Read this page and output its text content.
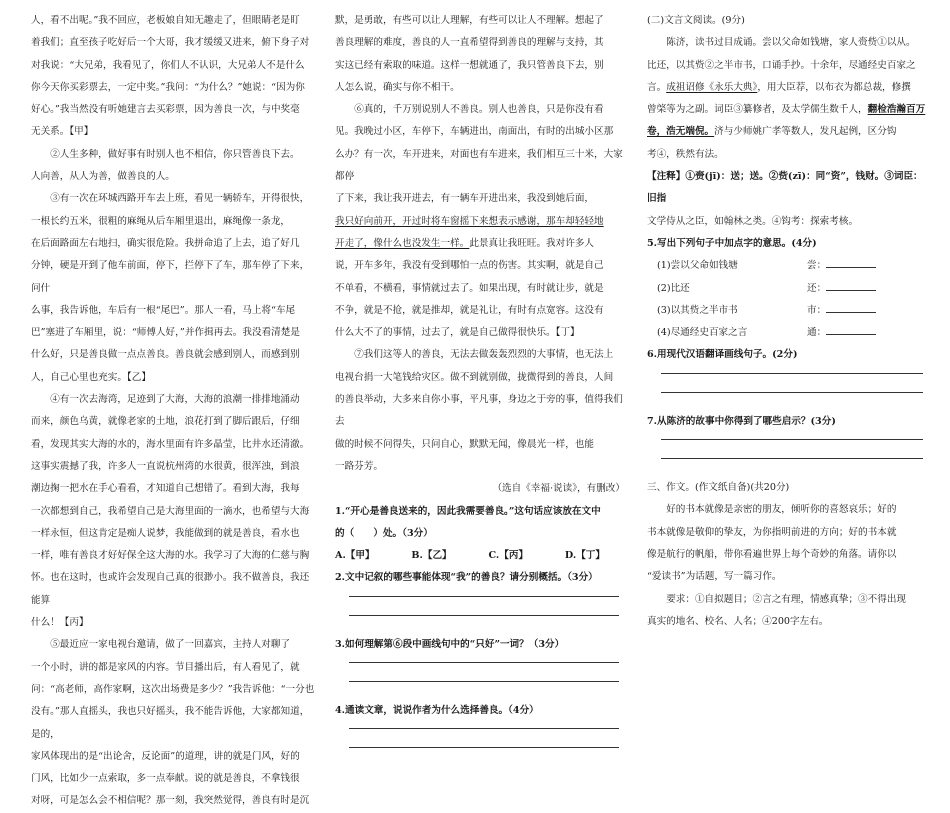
人，看不出呢。”我不回应，老板娘自知无趣走了，但眼睛老是盯

着我们；直至孩子吃好后一个大哥，我才缓缓又进来，俯下身子对

对我说：“大兄弟，我看见了，你们人不认识，大兄弟人不是什么

你今天你买彩票去，一定中奖。”我问：“为什么？”她说：“因为你

好心。”我当然没有听她建言去买彩票，因为善良一次，与中奖毫

无关系。【甲】

②人生多种，做好事有时别人也不相信，你只管善良下去。

人向善，从人为善，做善良的人。

③有一次在环城西路开车去上班，看见一辆轿车，开得很快，

一根长约五米，很粗的麻绳从后车厢里退出，麻绳像一条龙，

在后面路面左右地扫，确实很危险。我拼命追了上去，追了好几

分钟，硬是开到了他车前面，停下，拦停下了车，那车停了下来，问什

么事，我告诉他，车后有一根“尾巴”。那人一看，马上将“车尾

巴”塞进了车厢里，说：“师傅人好，”并作揖再去。我没看清楚是

什么好，只是善良做一点点善良。善良就会感到别人，而感到别

人，自己心里也充实。【乙】

④有一次去海湾，足迹到了大海，大海的浪潮一排排地涌动

而来，颜色乌黄，就像老家的土地，浪花打到了脚后跟后，仔细

看，发现其实大海的水的，海水里面有许多晶莹，比井水还清澈。

这事实震撼了我，许多人一直说杭州湾的水很黄，很浑浊，到浪

潮边掬一把水在手心看看，才知道自己想错了。看到大海，我每

一次都想到自己，我希望自己是大海里面的一滴水，也希望与大海

一样永恒，但这肯定是痴人说梦，我能做到的就是善良，看水也

一样，唯有善良才好好保全这大海的水。我学习了大海的仁慈与胸

怀。也在这时，也或许会发现自己真的很渺小。我不做善良，我还能算

什么！【丙】

⑤最近应一家电视台邀请，做了一回嘉宾，主持人对聊了

一个小时，讲的都是家风的内容。节目播出后，有人看见了，就

问：“高老师，高作家啊，这次出场费是多少？”我告诉他：“一分也

没有。”那人直摇头，我也只好摇头，我不能告诉他，大家都知道，是的，

家风体现出的是“出论舍，反论面”的道理，讲的就是门风，好的

门风，比如少一点索取，多一点奉献。说的就是善良，不拿钱很

对呀，可是怎么会不相信呢？那一刻，我突然觉得，善良有时是沉

默，是勇敢，有些可以让人理解，有些可以让人不理解。想起了

善良理解的难度，善良的人一直希望得到善良的理解与支持，其

实这已经有索取的味道。这样一想就通了，我只管善良下去，别

人怎么说，确实与你不相干。

⑥真的，千万别说别人不善良。别人也善良，只是你没有看

见。我晚过小区，车停下，车辆进出，南面出，有时的出城小区那

么办？有一次，车开进来，对面也有车进来，我们相互三十米，大家都停

了下来，我让我开进去，有一辆车开进出来，我没到她后面，

我只好向前开，开过时将车窗摇下来想表示感谢，那车却轻轻地

开走了，像什么也没发生一样。此景真让我旺旺。我对许多人

说，开车多年，我没有受到哪怕一点的伤害。其实啊，就是自己

不单看，不横看，事情就过去了。如果出现，有时就让步，就是

不争，就是不抢，就是推却，就是礼让，有时有点宽容。这没有

什么大不了的事情，过去了，就是自己做得很快乐。【丁】

⑦我们这等人的善良，无法去做轰轰烈烈的大事情，也无法上

电视台捐一大笔钱给灾区。做不到就别做，拢微得到的善良，人间

的善良举动，大多来自你小事，平凡事，身边之于旁的事，值得我们去

做的时候不问得失，只问自心，默默无闻，像晨光一样，也能

一路芬芳。

（选自《幸福·说读》，有删改）

1.“开心是善良送来的，因此我需要善良。”这句话应该放在文中

的（　　）处。（3分）

A.【甲】	B.【乙】	C.【丙】	D.【丁】

2.文中记叙的哪些事能体现“我”的善良？请分别概括。（3分）

3.如何理解第⑥段中画线句中的“只好”一词？（3分）

4.通读文章，说说作者为什么选择善良。（4分）

(二)文言文阅读。(9分)

陈济，读书过目成诵。尝以父命如钱塘，家人赍赀①以从。

比还，以其赀②之半市书，口诵手抄。十余年，尽通经史百家之

言。成祖诏修《永乐大典》，用大臣荐，以布衣为都总裁，修撰

曾棨等为之副。词臣③纂修者，及太学儒生数千人，翻检浩瀚百万卷，浩无端倪。济与少师姚广孝等数人，发凡起例，区分钩

考④，秩然有法。

【注释】①赍(jī)：送；送。②赀(zī)：同“资”，钱财。③词臣：旧指

文学侍从之臣，如翰林之类。④钩考：探索考核。

5.写出下列句子中加点字的意思。(4分)

(1)尝以父命如钱塘	尝：
(2)比还	还：
(3)以其赀之半市书	市：
(4)尽通经史百家之言	通：

6.用现代汉语翻译画线句子。(2分)

7.从陈济的故事中你得到了哪些启示？(3分)

三、作文。(作文纸自备)(共20分)

好的书本就像是亲密的朋友，倾听你的喜怒哀乐；好的

书本就像是敬仰的挚友，为你指明前进的方向；好的书本就

像是航行的帆船，带你看遍世界上每个奇妙的角落。请你以

“爱读书”为话题，写一篇习作。

要求：①自拟题目；②言之有理，情感真挚；③不得出现

真实的地名、校名、人名；④200字左右。
